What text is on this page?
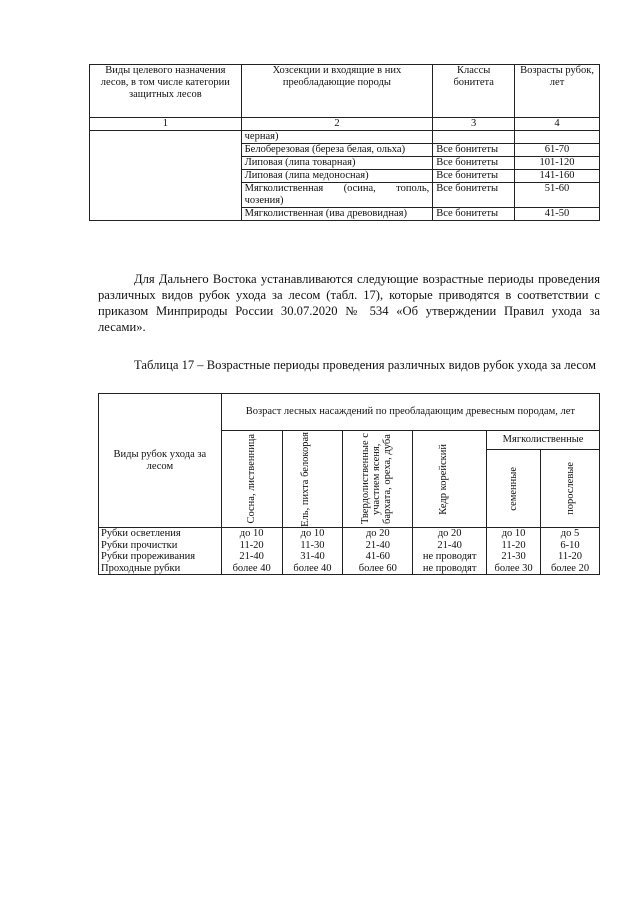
Виды целевого назначения лесов, в том числе категории защитных лесов	Хозсекции и входящие в них преобладающие породы	Классы бонитета	Возрасты рубок, лет
1	2	3	4
	черная)		
	Белоберезовая (береза белая, ольха)	Все бонитеты	61-70
	Липовая (липа товарная)	Все бонитеты	101-120
	Липовая (липа медоносная)	Все бонитеты	141-160
	Мягколиственная (осина, тополь, чозения)	Все бонитеты	51-60
	Мягколиственная (ива древовидная)	Все бонитеты	41-50

Для Дальнего Востока устанавливаются следующие возрастные периоды проведения различных видов рубок ухода за лесом (табл. 17), которые приводятся в соответствии с приказом Минприроды России 30.07.2020 № 534 «Об утверждении Правил ухода за лесами».

Таблица 17 – Возрастные периоды проведения различных видов рубок ухода за лесом

Виды рубок ухода за лесом	Возраст лесных насаждений по преобладающим древесным породам, лет					

	Сосна, лиственница	Ель, пихта белокорая	Твердолиственные с участием ясеня, бархата, ореха, дуба	Кедр корейский	Мягколиственные	

					семенные	порослевые

Рубки осветления	до 10	до 10	до 20	до 20	до 10	до 5
Рубки прочистки	11-20	11-30	21-40	21-40	11-20	6-10
Рубки прореживания	21-40	31-40	41-60	не проводят	21-30	11-20
Проходные рубки	более 40	более 40	более 60	не проводят	более 30	более 20
